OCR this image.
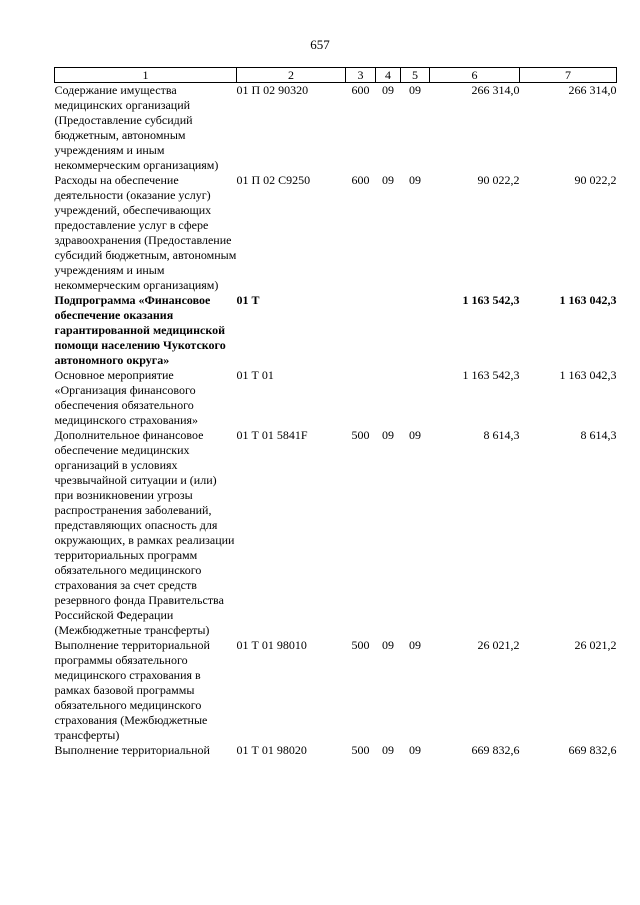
657
1	2	3	4	5	6	7
Содержание имущества медицинских организаций (Предоставление субсидий бюджетным, автономным учреждениям и иным некоммерческим организациям)	01 П 02 90320	600	09	09	266 314,0	266 314,0
Расходы на обеспечение деятельности (оказание услуг) учреждений, обеспечивающих предоставление услуг в сфере здравоохранения (Предоставление субсидий бюджетным, автономным учреждениям и иным некоммерческим организациям)	01 П 02 С9250	600	09	09	90 022,2	90 022,2
Подпрограмма «Финансовое обеспечение оказания гарантированной медицинской помощи населению Чукотского автономного округа»	01 Т				1 163 542,3	1 163 042,3
Основное мероприятие «Организация финансового обеспечения обязательного медицинского страхования»	01 Т 01				1 163 542,3	1 163 042,3
Дополнительное финансовое обеспечение медицинских организаций в условиях чрезвычайной ситуации и (или) при возникновении угрозы распространения заболеваний, представляющих опасность для окружающих, в рамках реализации территориальных программ обязательного медицинского страхования за счет средств резервного фонда Правительства Российской Федерации (Межбюджетные трансферты)	01 Т 01 5841F	500	09	09	8 614,3	8 614,3
Выполнение территориальной программы обязательного медицинского страхования в рамках базовой программы обязательного медицинского страхования (Межбюджетные трансферты)	01 Т 01 98010	500	09	09	26 021,2	26 021,2
Выполнение территориальной	01 Т 01 98020	500	09	09	669 832,6	669 832,6
